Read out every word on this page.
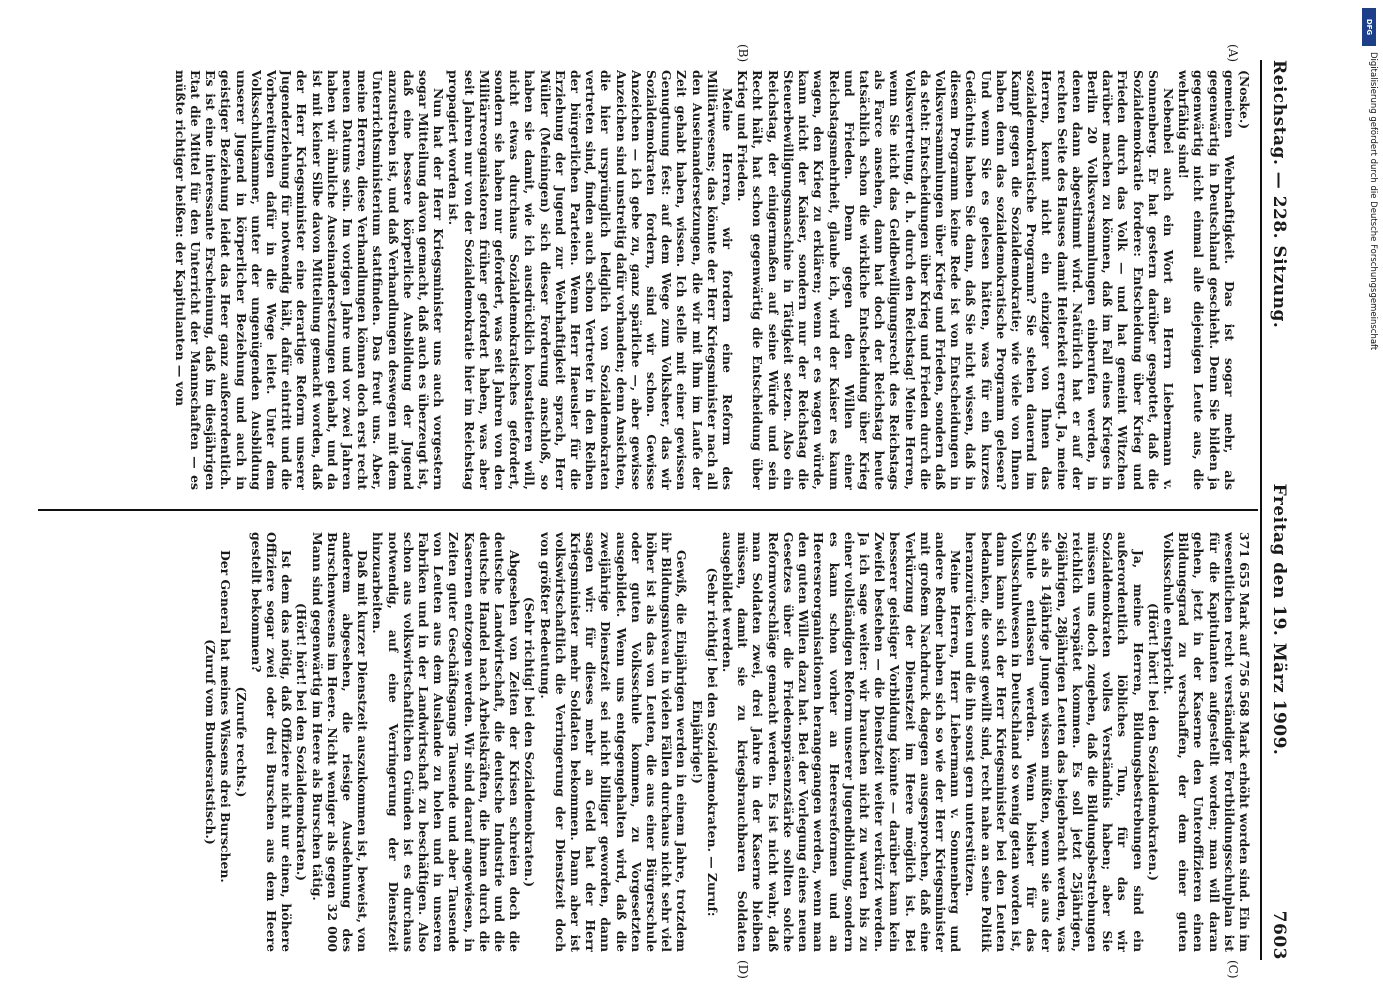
Reichstag. — 228. Sitzung.
Freitag den 19. März 1909.
7603
(A)
(B)
(C)
(D)

(Noske.)

gemeinen Wehrhaftigkeit. Das ist sogar mehr, als gegenwärtig in Deutschland geschieht. Denn Sie bilden ja gegenwärtig nicht einmal alle diejenigen Leute aus, die wehrfähig sind!

Nebenbei auch ein Wort an Herrn Liebermann v. Sonnenberg. Er hat gestern darüber gespottet, daß die Sozialdemokratie fordere: Entscheidung über Krieg und Frieden durch das Volk — und hat gemeint Witzchen darüber machen zu können, daß im Fall eines Krieges in Berlin 20 Volksversammlungen einberufen werden, in denen dann abgestimmt wird. Natürlich hat er auf der rechten Seite des Hauses damit Heiterkeit erregt. Ja, meine Herren, kennt nicht ein einziger von Ihnen das sozialdemokratische Programm? Sie stehen dauernd im Kampf gegen die Sozialdemokratie; wie viele von Ihnen haben denn das sozialdemokratische Programm gelesen? Und wenn Sie es gelesen hätten, was für ein kurzes Gedächtnis haben Sie dann, daß Sie nicht wissen, daß in diesem Programm keine Rede ist von Entscheidungen in Volksversammlungen über Krieg und Frieden, sondern daß da steht: Entscheidungen über Krieg und Frieden durch die Volksvertretung, d. h. durch den Reichstag! Meine Herren, wenn Sie nicht das Geldbewilligungsrecht des Reichstags als Farce ansehen, dann hat doch der Reichstag heute tatsächlich schon die wirkliche Entscheidung über Krieg und Frieden. Denn gegen den Willen einer Reichstagsmehrheit, glaube ich, wird der Kaiser es kaum wagen, den Krieg zu erklären; wenn er es wagen würde, kann nicht der Kaiser, sondern nur der Reichstag die Steuerbewilligungsmaschine in Tätigkeit setzen. Also ein Reichstag, der einigermaßen auf seine Würde und sein Recht hält, hat schon gegenwärtig die Entscheidung über Krieg und Frieden.

Meine Herren, wir fordern eine Reform des Militärwesens; das könnte der Herr Kriegsminister nach all den Auseinandersetzungen, die wir mit ihm im Laufe der Zeit gehabt haben, wissen. Ich stelle mit einer gewissen Genugtuung fest: auf dem Wege zum Volksheer, das wir Sozialdemokraten fordern, sind wir schon. Gewisse Anzeichen — ich gebe zu, ganz spärliche —, aber gewisse Anzeichen sind unstreitig dafür vorhanden; denn Ansichten, die hier ursprünglich lediglich von Sozialdemokraten vertreten sind, finden auch schon Vertreter in den Reihen der bürgerlichen Parteien. Wenn Herr Haeusler für die Erziehung der Jugend zur Wehrhaftigkeit sprach, Herr Müller (Meiningen) sich dieser Forderung anschloß, so haben sie damit, wie ich ausdrücklich konstatieren will, nicht etwas durchaus Sozialdemokratisches gefordert, sondern sie haben nur gefordert, was seit Jahren von den Militärreorganisatoren früher gefordert haben, was aber seit Jahren nur von der Sozialdemokratie hier im Reichstag propagiert worden ist.

Nun hat der Herr Kriegsminister uns auch vorgestern sogar Mitteilung davon gemacht, daß auch es überzeugt ist, daß eine bessere körperliche Ausbildung der Jugend anzustreben ist, und daß Verhandlungen deswegen mit dem Unterrichtsministerium stattfinden. Das freut uns. Aber, meine Herren, diese Verhandlungen können doch erst recht neuen Datums sein. Im vorigen Jahre und vor zwei Jahren haben wir ähnliche Auseinandersetzungen gehabt, und da ist mit keiner Silbe davon Mitteilung gemacht worden, daß der Herr Kriegsminister eine derartige Reform unserer Jugenderziehung für notwendig hält, dafür eintritt und die Vorbereitungen dafür in die Wege leitet. Unter dem Volksschulkammer, unter der ungenügenden Ausbildung unserer Jugend in körperlicher Beziehung und auch in geistiger Beziehung leidet das Heer ganz außerordentlich. Es ist eine interessante Erscheinung, daß im diesjährigen Etat die Mittel für den Unterricht der Mannschaften — es müßte richtiger heißen: der Kapitulanten — von

371 655 Mark auf 756 568 Mark erhöht worden sind. Ein im wesentlichen recht verständiger Fortbildungsschulplan ist für die Kapitulanten aufgestellt worden; man will daran gehen, jetzt in der Kaserne den Unteroffizieren einen Bildungsgrad zu verschaffen, der dem einer guten Volksschule entspricht.

(Hört! hört! bei den Sozialdemokraten.)

Ja, meine Herren, Bildungsbestrebungen sind ein außerordentlich löbliches Tun, für das wir Sozialdemokraten volles Verständnis haben; aber Sie müssen uns doch zugeben, daß die Bildungsbestrebungen reichlich verspätet kommen. Es soll jetzt 25jährigen, 26jährigen, 28jährigen Leuten das beigebracht werden, was sie als 14jährige Jungen wissen müßten, wenn sie aus der Schule entlassen werden. Wenn bisher für das Volksschulwesen in Deutschland so wenig getan worden ist, dann kann sich der Herr Kriegsminister bei den Leuten bedanken, die sonst gewillt sind, recht nahe an seine Politik heranzurücken und die ihn sonst gern unterstützen.

Meine Herren, Herr Liebermann v. Sonnenberg und andere Redner haben sich so wie der Herr Kriegsminister mit großem Nachdruck dagegen ausgesprochen, daß eine Verkürzung der Dienstzeit im Heere möglich ist. Bei besserer geistiger Vorbildung könnte — darüber kann kein Zweifel bestehen — die Dienstzeit weiter verkürzt werden. Ja ich sage weiter: wir brauchen nicht zu warten bis zu einer vollständigen Reform unserer Jugendbildung, sondern es kann schon vorher an Heeresreformen und an Heeresreorganisationen herangegangen werden, wenn man den guten Willen dazu hat. Bei der Vorlegung eines neuen Gesetzes über die Friedenspräsenzstärke sollten solche Reformvorschläge gemacht werden. Es ist nicht wahr, daß man Soldaten zwei, drei Jahre in der Kaserne bleiben müssen, damit sie zu kriegsbrauchbaren Soldaten ausgebildet werden.

(Sehr richtig! bei den Sozialdemokraten. — Zuruf: Einjährige!)

Gewiß, die Einjährigen werden in einem Jahre, trotzdem ihr Bildungsniveau in vielen Fällen durchaus nicht sehr viel höher ist als das von Leuten, die aus einer Bürgerschule oder guten Volksschule kommen, zu Vorgesetzten ausgebildet. Wenn uns entgegengehalten wird, daß die zweijährige Dienstzeit sei nicht billiger geworden, dann sagen wir: für dieses mehr an Geld hat der Herr Kriegsminister mehr Soldaten bekommen. Dann aber ist volkswirtschaftlich die Verringerung der Dienstzeit doch von größter Bedeutung.

(Sehr richtig! bei den Sozialdemokraten.)

Abgesehen von Zeiten der Krisen schreien doch die deutsche Landwirtschaft, die deutsche Industrie und die deutsche Handel nach Arbeitskräften, die ihnen durch die Kasernen entzogen werden. Wir sind darauf angewiesen, in Zeiten guter Geschäftsgangs Tausende und aber Tausende von Leuten aus dem Auslande zu holen und in unseren Fabriken und in der Landwirtschaft zu beschäftigen. Also schon aus volkswirtschaftlichen Gründen ist es durchaus notwendig, auf eine Verringerung der Dienstzeit hinzuarbeiten.

Daß mit kurzer Dienstzeit auszukommen ist, beweist, von anderem abgesehen, die riesige Ausdehnung des Burschenwesens im Heere. Nicht weniger als gegen 32 000 Mann sind gegenwärtig im Heere als Burschen tätig.

(Hört! hört! bei den Sozialdemokraten.)

Ist dem das nötig, daß Offiziere nicht nur einen, höhere Offiziere sogar zwei oder drei Burschen aus dem Heere gestellt bekommen?

(Zurufe rechts.)

Der General hat meines Wissens drei Burschen.

(Zuruf vom Bundesratstisch.)

DFG
Digitalisierung gefördert durch die Deutsche Forschungsgemeinschaft
